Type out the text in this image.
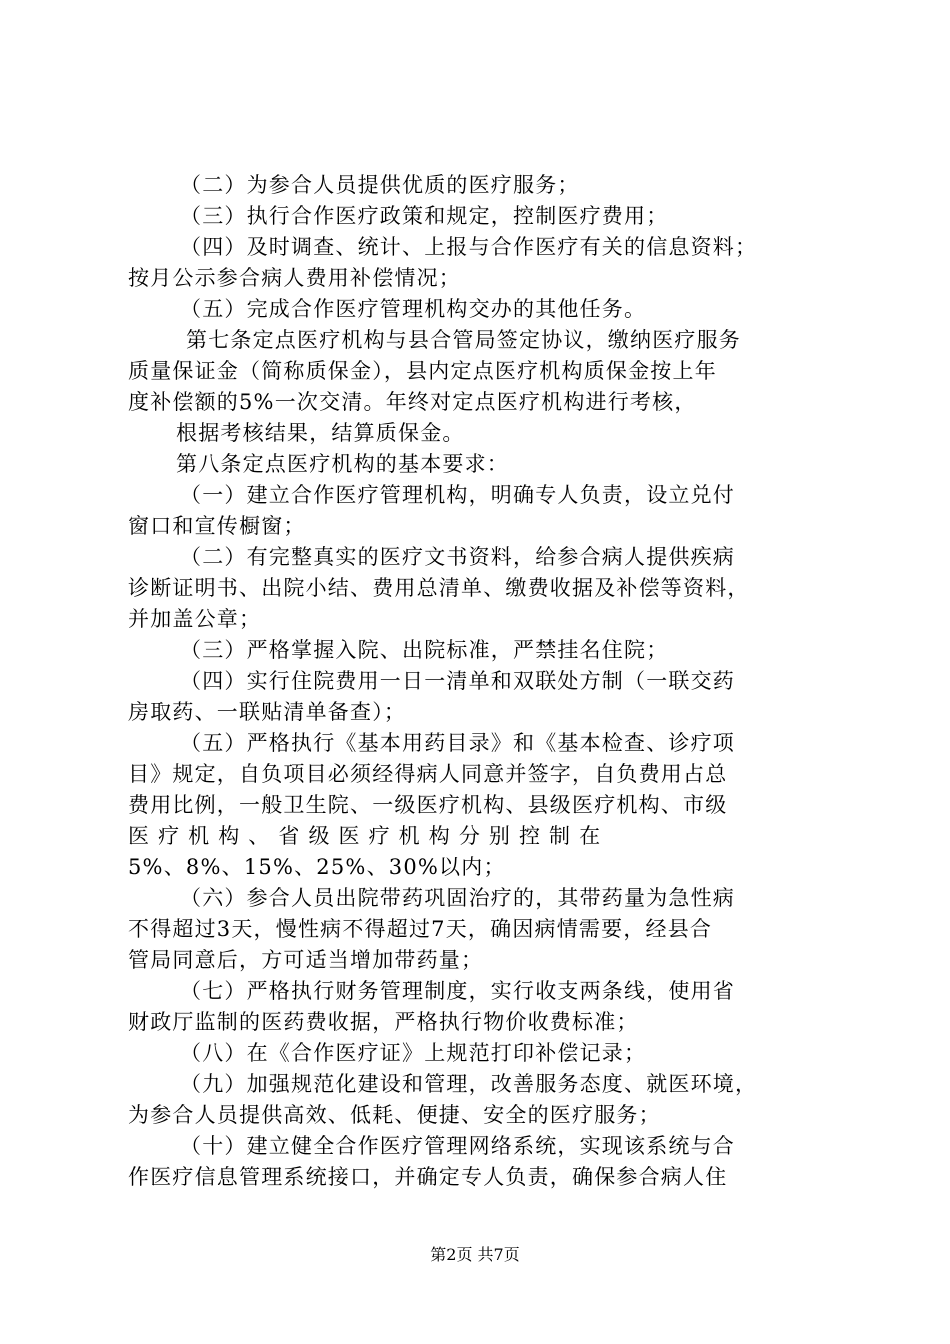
（二）为参合人员提供优质的医疗服务；
（三）执行合作医疗政策和规定，控制医疗费用；
（四）及时调查、统计、上报与合作医疗有关的信息资料；
按月公示参合病人费用补偿情况；
（五）完成合作医疗管理机构交办的其他任务。
第七条定点医疗机构与县合管局签定协议，缴纳医疗服务
质量保证金（简称质保金），县内定点医疗机构质保金按上年
度补偿额的5%一次交清。年终对定点医疗机构进行考核，
根据考核结果，结算质保金。
第八条定点医疗机构的基本要求：
（一）建立合作医疗管理机构，明确专人负责，设立兑付
窗口和宣传橱窗；
（二）有完整真实的医疗文书资料，给参合病人提供疾病
诊断证明书、出院小结、费用总清单、缴费收据及补偿等资料，
并加盖公章；
（三）严格掌握入院、出院标准，严禁挂名住院；
（四）实行住院费用一日一清单和双联处方制（一联交药
房取药、一联贴清单备查）；
（五）严格执行《基本用药目录》和《基本检查、诊疗项
目》规定，自负项目必须经得病人同意并签字，自负费用占总
费用比例，一般卫生院、一级医疗机构、县级医疗机构、市级
医 疗 机 构 、 省 级 医 疗 机 构 分 别 控 制 在
5%、8%、15%、25%、30%以内；
（六）参合人员出院带药巩固治疗的，其带药量为急性病
不得超过3天，慢性病不得超过7天，确因病情需要，经县合
管局同意后，方可适当增加带药量；
（七）严格执行财务管理制度，实行收支两条线，使用省
财政厅监制的医药费收据，严格执行物价收费标准；
（八）在《合作医疗证》上规范打印补偿记录；
（九）加强规范化建设和管理，改善服务态度、就医环境，
为参合人员提供高效、低耗、便捷、安全的医疗服务；
（十）建立健全合作医疗管理网络系统，实现该系统与合
作医疗信息管理系统接口，并确定专人负责，确保参合病人住
第2页 共7页
